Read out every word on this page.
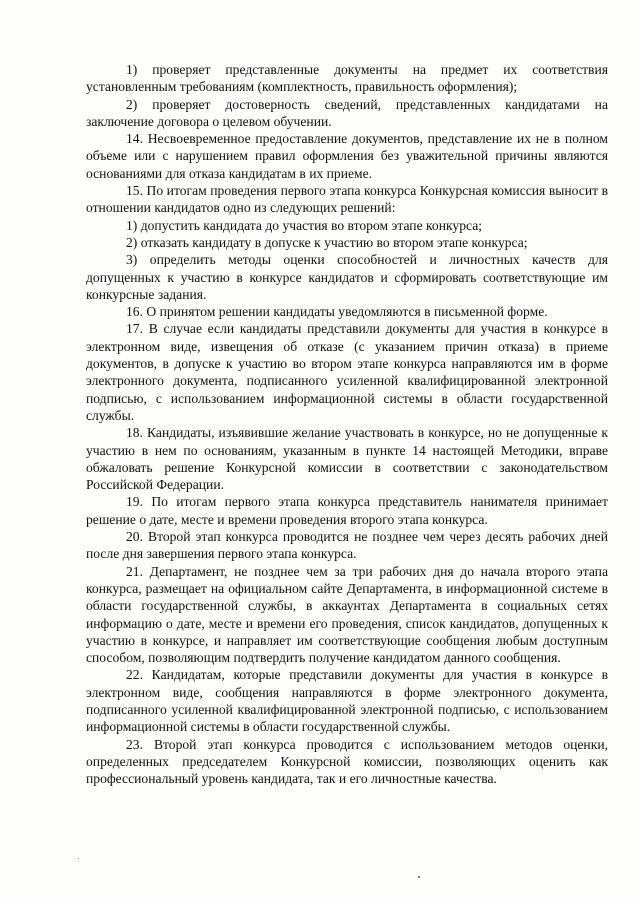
1) проверяет представленные документы на предмет их соответствия установленным требованиям (комплектность, правильность оформления);

2) проверяет достоверность сведений, представленных кандидатами на заключение договора о целевом обучении.

14. Несвоевременное предоставление документов, представление их не в полном объеме или с нарушением правил оформления без уважительной причины являются основаниями для отказа кандидатам в их приеме.

15. По итогам проведения первого этапа конкурса Конкурсная комиссия выносит в отношении кандидатов одно из следующих решений:

1) допустить кандидата до участия во втором этапе конкурса;

2) отказать кандидату в допуске к участию во втором этапе конкурса;

3) определить методы оценки способностей и личностных качеств для допущенных к участию в конкурсе кандидатов и сформировать соответствующие им конкурсные задания.

16. О принятом решении кандидаты уведомляются в письменной форме.

17. В случае если кандидаты представили документы для участия в конкурсе в электронном виде, извещения об отказе (с указанием причин отказа) в приеме документов, в допуске к участию во втором этапе конкурса направляются им в форме электронного документа, подписанного усиленной квалифицированной электронной подписью, с использованием информационной системы в области государственной службы.

18. Кандидаты, изъявившие желание участвовать в конкурсе, но не допущенные к участию в нем по основаниям, указанным в пункте 14 настоящей Методики, вправе обжаловать решение Конкурсной комиссии в соответствии с законодательством Российской Федерации.

19. По итогам первого этапа конкурса представитель нанимателя принимает решение о дате, месте и времени проведения второго этапа конкурса.

20. Второй этап конкурса проводится не позднее чем через десять рабочих дней после дня завершения первого этапа конкурса.

21. Департамент, не позднее чем за три рабочих дня до начала второго этапа конкурса, размещает на официальном сайте Департамента, в информационной системе в области государственной службы, в аккаунтах Департамента в социальных сетях информацию о дате, месте и времени его проведения, список кандидатов, допущенных к участию в конкурсе, и направляет им соответствующие сообщения любым доступным способом, позволяющим подтвердить получение кандидатом данного сообщения.

22. Кандидатам, которые представили документы для участия в конкурсе в электронном виде, сообщения направляются в форме электронного документа, подписанного усиленной квалифицированной электронной подписью, с использованием информационной системы в области государственной службы.

23. Второй этап конкурса проводится с использованием методов оценки, определенных председателем Конкурсной комиссии, позволяющих оценить как профессиональный уровень кандидата, так и его личностные качества.
